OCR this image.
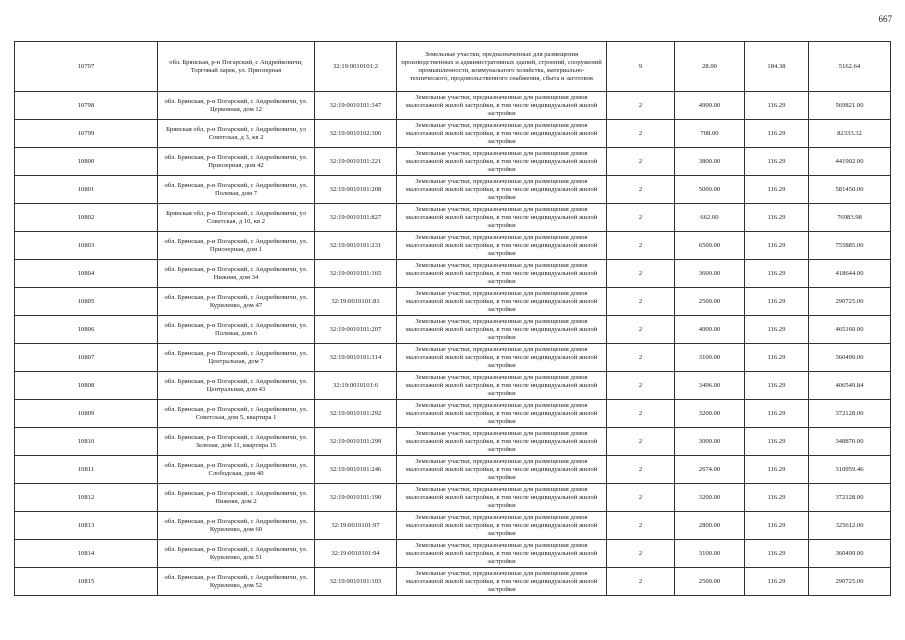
667
10797	обл. Брянская, р-н Погарский, с Андрейковичи, Торговый ларек, ул. Приозерная	32:19:0010101:2	Земельные участки, предназначенные для размещения производственных и административных зданий, строений, сооружений промышленности, коммунального хозяйства, материально-технического, продовольственного снабжения, сбыта и заготовок	9	28.00	184.38	5162.64
10798	обл. Брянская, р-н Погарский, с Андрейковичи, ул. Церковная, дом 12	32:19:0010101:347	Земельные участки, предназначенные для размещения домов малоэтажной жилой застройки, в том числе индивидуальной жилой застройки	2	4900.00	116.29	569821.00
10799	Брянская обл, р-н Погарский, с Андрейковичи, ул Советская, д 3, кв 2	32:19:0010102:306	Земельные участки, предназначенные для размещения домов малоэтажной жилой застройки, в том числе индивидуальной жилой застройки	2	708.00	116.29	82333.32
10800	обл. Брянская, р-н Погарский, с Андрейковичи, ул. Приозерная, дом 42	32:19:0010101:221	Земельные участки, предназначенные для размещения домов малоэтажной жилой застройки, в том числе индивидуальной жилой застройки	2	3800.00	116.29	441902.00
10801	обл. Брянская, р-н Погарский, с Андрейковичи, ул. Полевая, дом 7	32:19:0010101:208	Земельные участки, предназначенные для размещения домов малоэтажной жилой застройки, в том числе индивидуальной жилой застройки	2	5000.00	116.29	581450.00
10802	Брянская обл, р-н Погарский, с Андрейковичи, ул Советская, д 10, кв 2	32:19:0010101:827	Земельные участки, предназначенные для размещения домов малоэтажной жилой застройки, в том числе индивидуальной жилой застройки	2	662.00	116.29	76983.98
10803	обл. Брянская, р-н Погарский, с Андрейковичи, ул. Приозерная, дом 1	32:19:0010101:231	Земельные участки, предназначенные для размещения домов малоэтажной жилой застройки, в том числе индивидуальной жилой застройки	2	6500.00	116.29	755885.00
10804	обл. Брянская, р-н Погарский, с Андрейковичи, ул. Нижняя, дом 34	32:19:0010101:165	Земельные участки, предназначенные для размещения домов малоэтажной жилой застройки, в том числе индивидуальной жилой застройки	2	3600.00	116.29	418644.00
10805	обл. Брянская, р-н Погарский, с Андрейковичи, ул. Куриленко, дом 47	32:19:0010101:81	Земельные участки, предназначенные для размещения домов малоэтажной жилой застройки, в том числе индивидуальной жилой застройки	2	2500.00	116.29	290725.00
10806	обл. Брянская, р-н Погарский, с Андрейковичи, ул. Полевая, дом 6	32:19:0010101:207	Земельные участки, предназначенные для размещения домов малоэтажной жилой застройки, в том числе индивидуальной жилой застройки	2	4000.00	116.29	465160.00
10807	обл. Брянская, р-н Погарский, с Андрейковичи, ул. Центральная, дом 7	32:19:0010101:314	Земельные участки, предназначенные для размещения домов малоэтажной жилой застройки, в том числе индивидуальной жилой застройки	2	3100.00	116.29	360499.00
10808	обл. Брянская, р-н Погарский, с Андрейковичи, ул. Центральная, дом 43	32:19:0010101:6	Земельные участки, предназначенные для размещения домов малоэтажной жилой застройки, в том числе индивидуальной жилой застройки	2	3496.00	116.29	406549.84
10809	обл. Брянская, р-н Погарский, с Андрейковичи, ул. Советская, дом 5, квартира 1	32:19:0010101:292	Земельные участки, предназначенные для размещения домов малоэтажной жилой застройки, в том числе индивидуальной жилой застройки	2	3200.00	116.29	372128.00
10810	обл. Брянская, р-н Погарский, с Андрейковичи, ул. Зеленая, дом 11, квартира 15	32:19:0010101:299	Земельные участки, предназначенные для размещения домов малоэтажной жилой застройки, в том числе индивидуальной жилой застройки	2	3000.00	116.29	348870.00
10811	обл. Брянская, р-н Погарский, с Андрейковичи, ул. Слободская, дом 40	32:19:0010101:246	Земельные участки, предназначенные для размещения домов малоэтажной жилой застройки, в том числе индивидуальной жилой застройки	2	2674.00	116.29	310959.46
10812	обл. Брянская, р-н Погарский, с Андрейковичи, ул. Нижняя, дом 2	32:19:0010101:190	Земельные участки, предназначенные для размещения домов малоэтажной жилой застройки, в том числе индивидуальной жилой застройки	2	3200.00	116.29	372128.00
10813	обл. Брянская, р-н Погарский, с Андрейковичи, ул. Куриленко, дом 60	32:19:0010101:97	Земельные участки, предназначенные для размещения домов малоэтажной жилой застройки, в том числе индивидуальной жилой застройки	2	2800.00	116.29	325612.00
10814	обл. Брянская, р-н Погарский, с Андрейковичи, ул. Куриленко, дом 51	32:19:0010101:94	Земельные участки, предназначенные для размещения домов малоэтажной жилой застройки, в том числе индивидуальной жилой застройки	2	3100.00	116.29	360499.00
10815	обл. Брянская, р-н Погарский, с Андрейковичи, ул. Куриленко, дом 52	32:19:0010101:103	Земельные участки, предназначенные для размещения домов малоэтажной жилой застройки, в том числе индивидуальной жилой застройки	2	2500.00	116.29	290725.00
